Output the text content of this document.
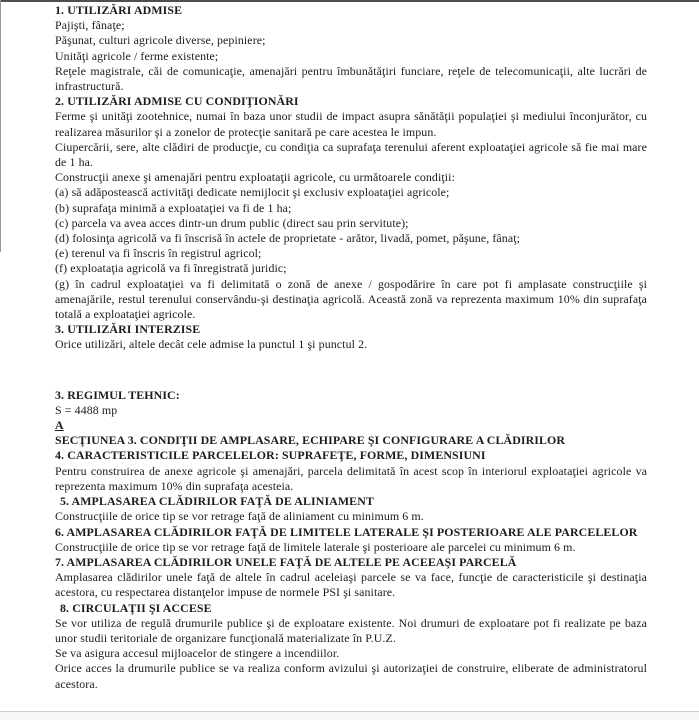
1. UTILIZĂRI ADMISE
Pajişti, fânaţe;
Păşunat, culturi agricole diverse, pepiniere;
Unităţi agricole / ferme existente;
Reţele magistrale, căi de comunicaţie, amenajări pentru îmbunătăţiri funciare, reţele de telecomunicaţii, alte lucrări de infrastructură.
2. UTILIZĂRI ADMISE CU CONDIŢIONĂRI
Ferme şi unităţi zootehnice, numai în baza unor studii de impact asupra sănătăţii populaţiei şi mediului înconjurător, cu realizarea măsurilor şi a zonelor de protecţie sanitară pe care acestea le impun.
Ciupercării, sere, alte clădiri de producţie, cu condiţia ca suprafaţa terenului aferent exploataţiei agricole să fie mai mare de 1 ha.
Construcţii anexe şi amenajări pentru exploataţii agricole, cu următoarele condiţii:
(a) să adăpostească activităţi dedicate nemijlocit şi exclusiv exploataţiei agricole;
(b) suprafaţa minimă a exploataţiei va fi de 1 ha;
(c) parcela va avea acces dintr-un drum public (direct sau prin servitute);
(d) folosinţa agricolă va fi înscrisă în actele de proprietate - arător, livadă, pomet, păşune, fânaţ;
(e) terenul va fi înscris în registrul agricol;
(f) exploataţia agricolă va fi înregistrată juridic;
(g) în cadrul exploataţiei va fi delimitată o zonă de anexe / gospodărire în care pot fi amplasate construcţiile şi amenajările, restul terenului conservându-şi destinaţia agricolă. Această zonă va reprezenta maximum 10% din suprafaţa totală a exploataţiei agricole.
3. UTILIZĂRI INTERZISE
Orice utilizări, altele decât cele admise la punctul 1 şi punctul 2.
3. REGIMUL TEHNIC:
S = 4488 mp
A
SECŢIUNEA 3. CONDIŢII DE AMPLASARE, ECHIPARE ŞI CONFIGURARE A CLĂDIRILOR
4. CARACTERISTICILE PARCELELOR: SUPRAFEŢE, FORME, DIMENSIUNI
Pentru construirea de anexe agricole şi amenajări, parcela delimitată în acest scop în interiorul exploataţiei agricole va reprezenta maximum 10% din suprafaţa acesteia.
5. AMPLASAREA CLĂDIRILOR FAŢĂ DE ALINIAMENT
Construcţiile de orice tip se vor retrage faţă de aliniament cu minimum 6 m.
6. AMPLASAREA CLĂDIRILOR FAŢĂ DE LIMITELE LATERALE ŞI POSTERIOARE ALE PARCELELOR
Construcţiile de orice tip se vor retrage faţă de limitele laterale şi posterioare ale parcelei cu minimum 6 m.
7. AMPLASAREA CLĂDIRILOR UNELE FAŢĂ DE ALTELE PE ACEEAŞI PARCELĂ
Amplasarea clădirilor unele faţă de altele în cadrul aceleiaşi parcele se va face, funcţie de caracteristicile şi destinaţia acestora, cu respectarea distanţelor impuse de normele PSI şi sanitare.
8. CIRCULAŢII ŞI ACCESE
Se vor utiliza de regulă drumurile publice şi de exploatare existente. Noi drumuri de exploatare pot fi realizate pe baza unor studii teritoriale de organizare funcţională materializate în P.U.Z.
Se va asigura accesul mijloacelor de stingere a incendiilor.
Orice acces la drumurile publice se va realiza conform avizului şi autorizaţiei de construire, eliberate de administratorul acestora.
